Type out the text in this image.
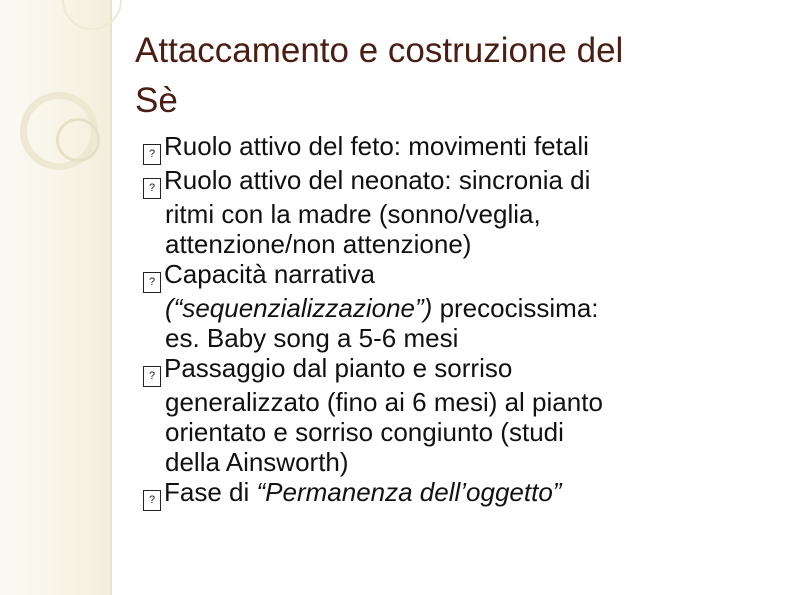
Attaccamento e costruzione del
Sè
? Ruolo attivo del feto: movimenti fetali
? Ruolo attivo del neonato: sincronia di
ritmi con la madre (sonno/veglia,
attenzione/non attenzione)
? Capacità narrativa
(“sequenzializzazione”) precocissima:
es. Baby song a 5-6 mesi
? Passaggio dal pianto e sorriso
generalizzato (fino ai 6 mesi) al pianto
orientato e sorriso congiunto (studi
della Ainsworth)
? Fase di “Permanenza dell’oggetto”
